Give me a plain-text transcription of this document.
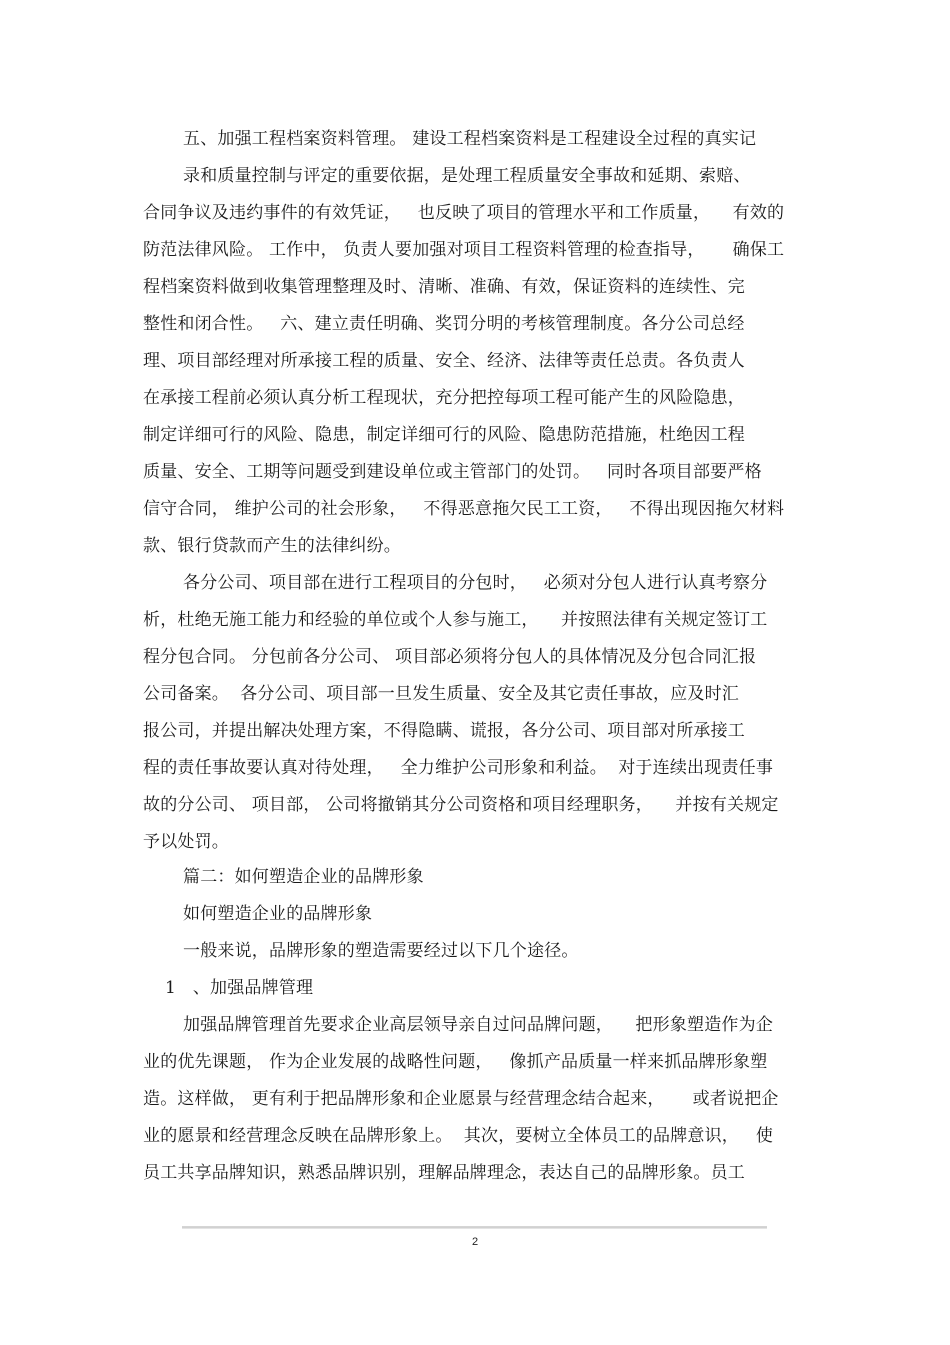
五、加强工程档案资料管理。 建设工程档案资料是工程建设全过程的真实记
录和质量控制与评定的重要依据，是处理工程质量安全事故和延期、索赔、
合同争议及违约事件的有效凭证，   也反映了项目的管理水平和工作质量，    有效的
防范法律风险。 工作中， 负责人要加强对项目工程资料管理的检查指导，     确保工
程档案资料做到收集管理整理及时、清晰、准确、有效，保证资料的连续性、完
整性和闭合性。   六、建立责任明确、奖罚分明的考核管理制度。各分公司总经
理、项目部经理对所承接工程的质量、安全、经济、法律等责任总责。各负责人
在承接工程前必须认真分析工程现状，充分把控每项工程可能产生的风险隐患，
制定详细可行的风险、隐患，制定详细可行的风险、隐患防范措施，杜绝因工程
质量、安全、工期等问题受到建设单位或主管部门的处罚。   同时各项目部要严格
信守合同， 维护公司的社会形象，   不得恶意拖欠民工工资，   不得出现因拖欠材料
款、银行贷款而产生的法律纠纷。
各分公司、项目部在进行工程项目的分包时，   必须对分包人进行认真考察分
析，杜绝无施工能力和经验的单位或个人参与施工，    并按照法律有关规定签订工
程分包合同。 分包前各分公司、 项目部必须将分包人的具体情况及分包合同汇报
公司备案。  各分公司、项目部一旦发生质量、安全及其它责任事故，应及时汇
报公司，并提出解决处理方案，不得隐瞒、谎报，各分公司、项目部对所承接工
程的责任事故要认真对待处理，   全力维护公司形象和利益。  对于连续出现责任事
故的分公司、 项目部， 公司将撤销其分公司资格和项目经理职务，    并按有关规定
予以处罚。
篇二：如何塑造企业的品牌形象
如何塑造企业的品牌形象
一般来说，品牌形象的塑造需要经过以下几个途径。
1   、加强品牌管理
加强品牌管理首先要求企业高层领导亲自过问品牌问题，    把形象塑造作为企
业的优先课题， 作为企业发展的战略性问题，   像抓产品质量一样来抓品牌形象塑
造。这样做， 更有利于把品牌形象和企业愿景与经营理念结合起来，     或者说把企
业的愿景和经营理念反映在品牌形象上。  其次，要树立全体员工的品牌意识，   使
员工共享品牌知识，熟悉品牌识别，理解品牌理念，表达自己的品牌形象。员工
2
